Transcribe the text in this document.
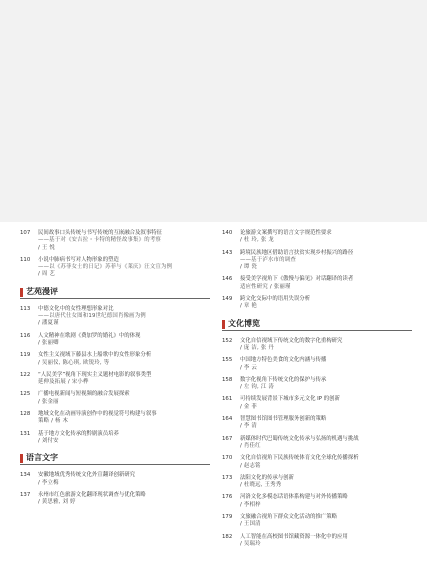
107	民间故事口头传统与书写传统的互嵌融合及叙事特征
——基于对《安吉拉・卡特的精怪故事集》的考察
/ 王 悦
110	小说中肺病书写对人物形象的塑造
——以《苏菲女士的日记》苏菲与《莱庆》汪文宣为例
/ 周 艺
艺苑漫评
113	中德文化中的女性理想形象对比
——以唐代仕女图和19世纪德国肖像画为例
/ 潘夏谨
116	人文精神在歌剧《费加罗的婚礼》中的体现
/ 张丽卿
119	女性主义视域下藤县水上船歌中的女性形象分析
/ 吴丽仪, 陈心琪, 欧锐玲, 等
122	“人民美学”视角下现实主义题材电影的叙事类型
延伸及拓展 / 宋小桦
125	广播电视新闻与短视频的融合发展探索
/ 张金丽
128	地域文化在动画导演创作中的视觉符号构建与叙事
策略 / 杨 木
131	基于地方文化传承的黔剧演员培养
/ 刘付安
语言文字
134	安徽地域优秀传统文化外宣翻译创新研究
/ 李立梅
137	永州市红色旅游文化翻译现状调查与优化策略
/ 黄思雅, 刘 婷
140	论旅游文案撰写的语言文字规范性要求
/ 杜 玲, 张 龙
143	跨境民族地区借助语言扶贫实现乡村振兴的路径
——基于泸水市的调查
/ 谭 瓷
146	接受美学视角下《傲慢与偏见》对话翻译的读者
适应性研究 / 张丽瑾
149	跨文化交际中的语用失误分析
/ 章 艳
文化博览
152	文化自信视域下传统文化的数字化重构研究
/ 庞 洁, 张 丹
155	中国地方特色美食的文化内涵与传播
/ 李 云
158	数字化视角下传统文化的保护与传承
/ 左 钧, 江 涛
161	可持续发展背景下城市多元文化 IP 的创新
/ 金 菲
164	智慧图书馆图书管理服务创新的策略
/ 李 清
167	新媒体时代巴蜀传统文化传承与弘扬的机遇与挑战
/ 肖佳红
170	文化自信视角下民族传统体育文化全球化传播探析
/ 赵志铭
173	法阳文化的传承与创新
/ 杜晓远, 王秀秀
176	河洛文化多模态话语体系构建与对外传播策略
/ 李相梓
179	文旅融合视角下群众文化活动的推广策略
/ 王国清
182	人工智能在高校图书馆藏资源一体化中的应用
/ 吴瑞玲
